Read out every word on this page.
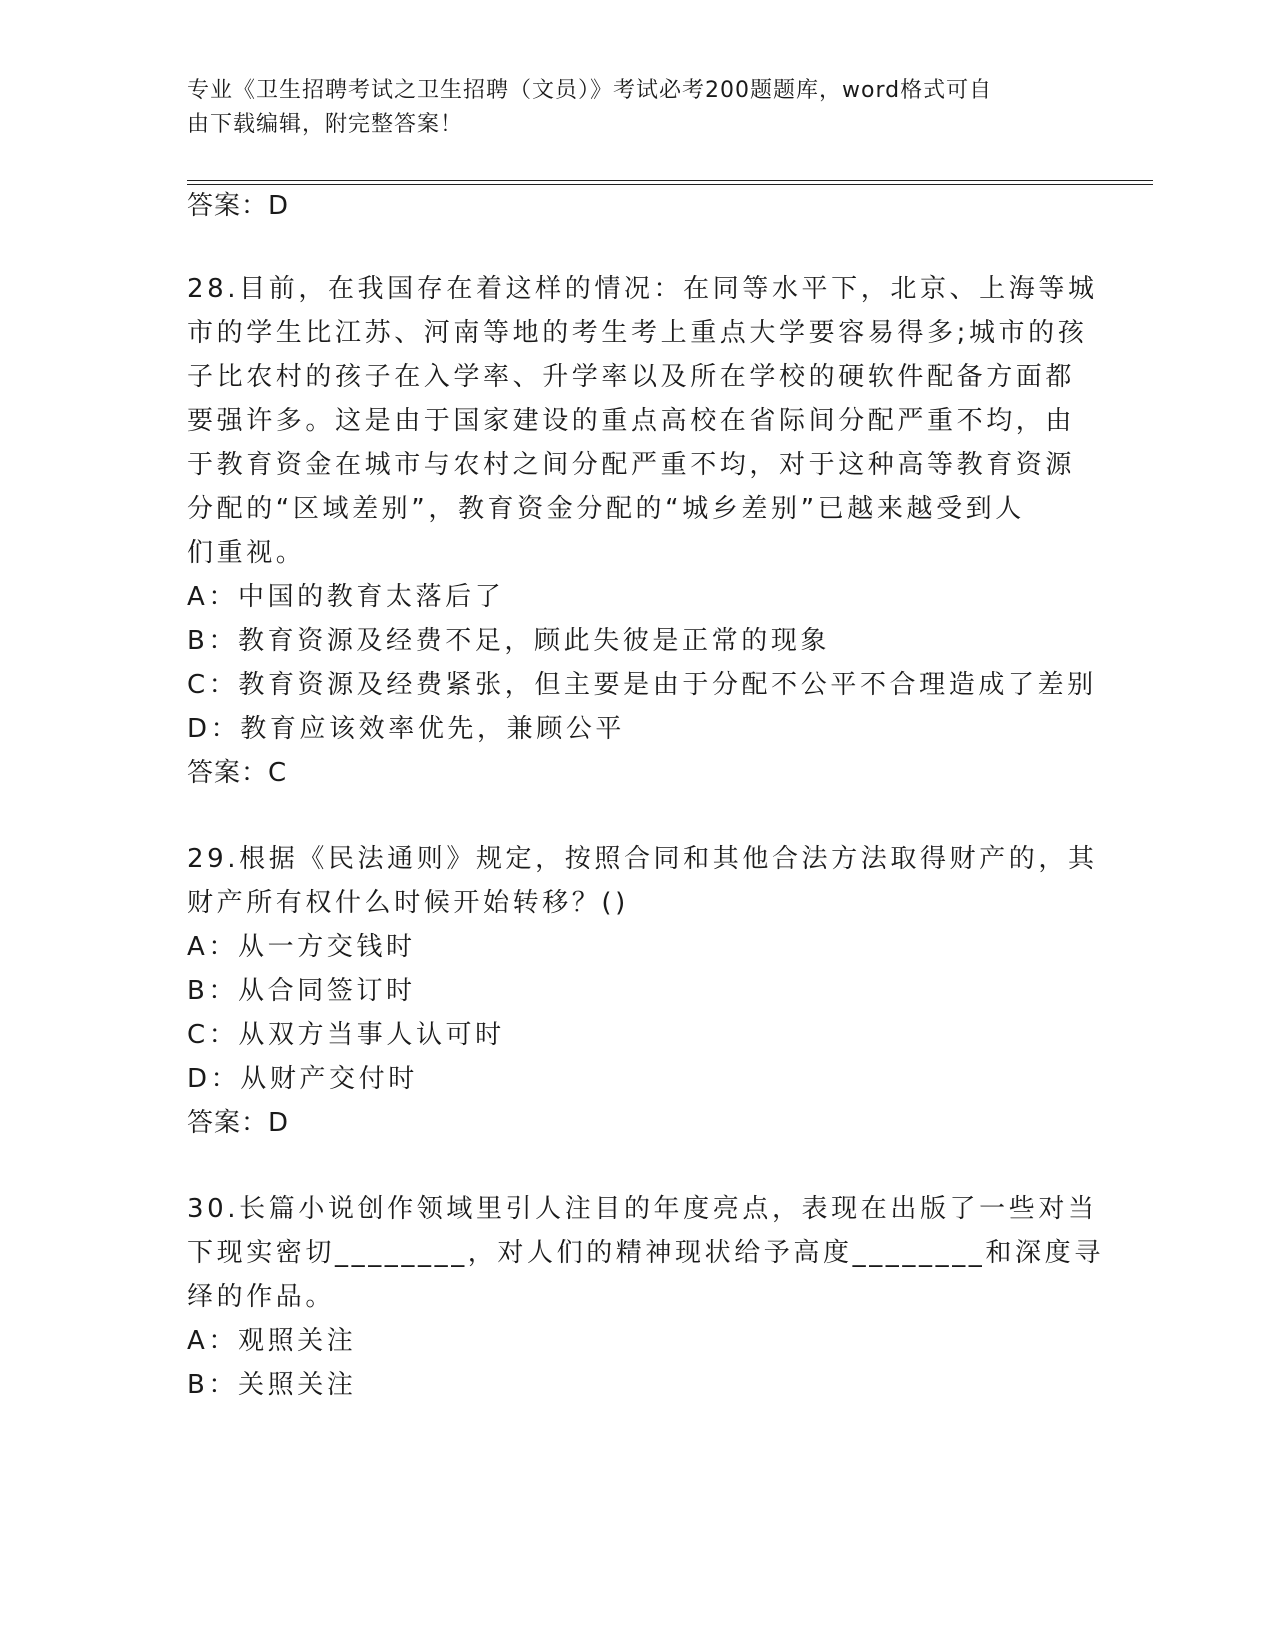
专业《卫生招聘考试之卫生招聘（文员）》考试必考200题题库，word格式可自
由下载编辑，附完整答案！
答案：D
28.目前，在我国存在着这样的情况：在同等水平下，北京、上海等城
市的学生比江苏、河南等地的考生考上重点大学要容易得多;城市的孩
子比农村的孩子在入学率、升学率以及所在学校的硬软件配备方面都
要强许多。这是由于国家建设的重点高校在省际间分配严重不均，由
于教育资金在城市与农村之间分配严重不均，对于这种高等教育资源
分配的“区域差别”，教育资金分配的“城乡差别”已越来越受到人
们重视。
A：中国的教育太落后了
B：教育资源及经费不足，顾此失彼是正常的现象
C：教育资源及经费紧张，但主要是由于分配不公平不合理造成了差别
D：教育应该效率优先，兼顾公平
答案：C
29.根据《民法通则》规定，按照合同和其他合法方法取得财产的，其
财产所有权什么时候开始转移？()
A：从一方交钱时
B：从合同签订时
C：从双方当事人认可时
D：从财产交付时
答案：D
30.长篇小说创作领域里引人注目的年度亮点，表现在出版了一些对当
下现实密切________，对人们的精神现状给予高度________和深度寻
绎的作品。
A：观照关注
B：关照关注
